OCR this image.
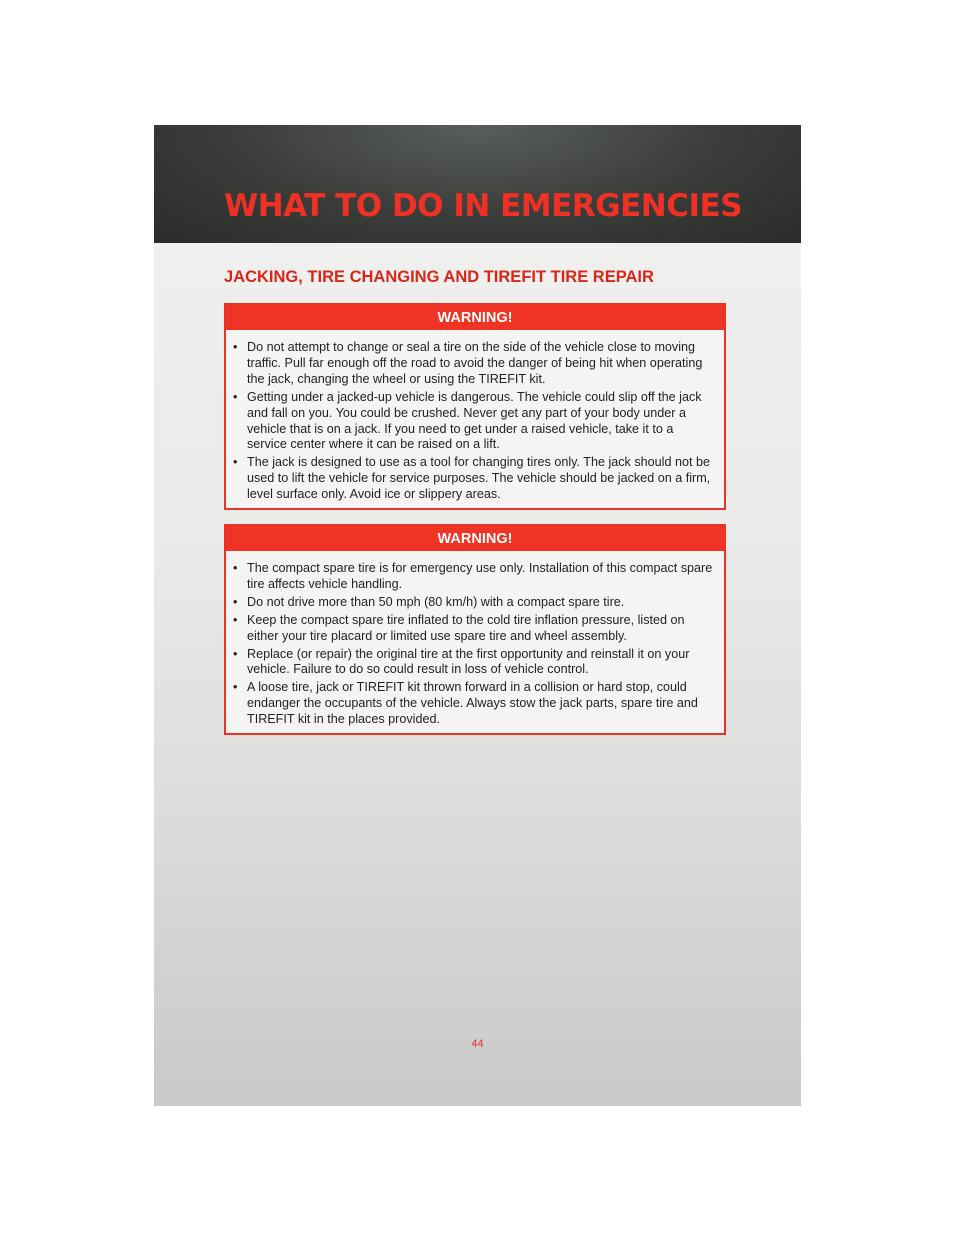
WHAT TO DO IN EMERGENCIES
JACKING, TIRE CHANGING AND TIREFIT TIRE REPAIR
WARNING!
• Do not attempt to change or seal a tire on the side of the vehicle close to moving traffic. Pull far enough off the road to avoid the danger of being hit when operating the jack, changing the wheel or using the TIREFIT kit.
• Getting under a jacked-up vehicle is dangerous. The vehicle could slip off the jack and fall on you. You could be crushed. Never get any part of your body under a vehicle that is on a jack. If you need to get under a raised vehicle, take it to a service center where it can be raised on a lift.
• The jack is designed to use as a tool for changing tires only. The jack should not be used to lift the vehicle for service purposes. The vehicle should be jacked on a firm, level surface only. Avoid ice or slippery areas.
WARNING!
• The compact spare tire is for emergency use only. Installation of this compact spare tire affects vehicle handling.
• Do not drive more than 50 mph (80 km/h) with a compact spare tire.
• Keep the compact spare tire inflated to the cold tire inflation pressure, listed on either your tire placard or limited use spare tire and wheel assembly.
• Replace (or repair) the original tire at the first opportunity and reinstall it on your vehicle. Failure to do so could result in loss of vehicle control.
• A loose tire, jack or TIREFIT kit thrown forward in a collision or hard stop, could endanger the occupants of the vehicle. Always stow the jack parts, spare tire and TIREFIT kit in the places provided.
44
